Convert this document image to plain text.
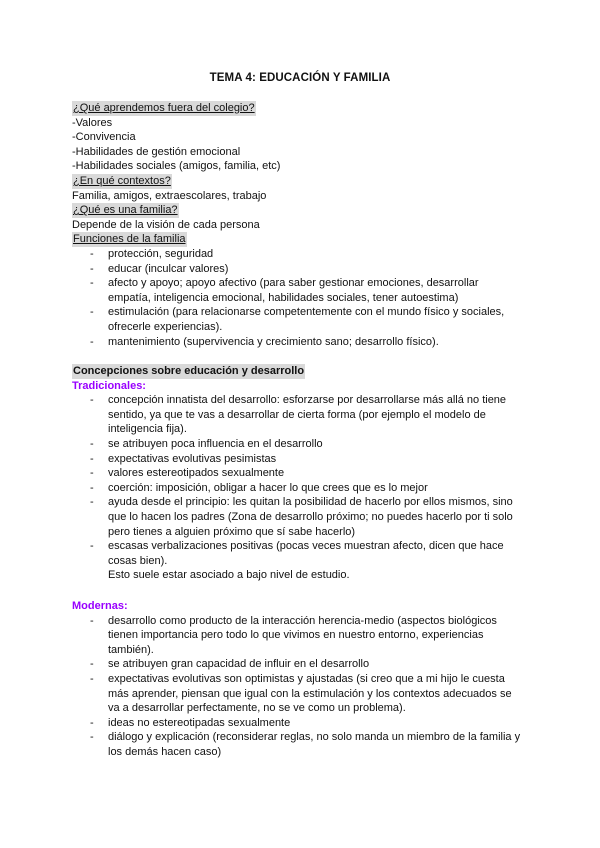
TEMA 4: EDUCACIÓN Y FAMILIA
¿Qué aprendemos fuera del colegio?
-Valores
-Convivencia
-Habilidades de gestión emocional
-Habilidades sociales (amigos, familia, etc)
¿En qué contextos?
Familia, amigos, extraescolares, trabajo
¿Qué es una familia?
Depende de la visión de cada persona
Funciones de la familia
- protección, seguridad
- educar (inculcar valores)
- afecto y apoyo; apoyo afectivo (para saber gestionar emociones, desarrollar
empatía, inteligencia emocional, habilidades sociales, tener autoestima)
- estimulación (para relacionarse competentemente con el mundo físico y sociales,
ofrecerle experiencias).
- mantenimiento (supervivencia y crecimiento sano; desarrollo físico).
Concepciones sobre educación y desarrollo
Tradicionales:
- concepción innatista del desarrollo: esforzarse por desarrollarse más allá no tiene
sentido, ya que te vas a desarrollar de cierta forma (por ejemplo el modelo de
inteligencia fija).
- se atribuyen poca influencia en el desarrollo
- expectativas evolutivas pesimistas
- valores estereotipados sexualmente
- coerción: imposición, obligar a hacer lo que crees que es lo mejor
- ayuda desde el principio: les quitan la posibilidad de hacerlo por ellos mismos, sino
que lo hacen los padres (Zona de desarrollo próximo; no puedes hacerlo por ti solo
pero tienes a alguien próximo que sí sabe hacerlo)
- escasas verbalizaciones positivas (pocas veces muestran afecto, dicen que hace
cosas bien).
Esto suele estar asociado a bajo nivel de estudio.
Modernas:
- desarrollo como producto de la interacción herencia-medio (aspectos biológicos
tienen importancia pero todo lo que vivimos en nuestro entorno, experiencias
también).
- se atribuyen gran capacidad de influir en el desarrollo
- expectativas evolutivas son optimistas y ajustadas (si creo que a mi hijo le cuesta
más aprender, piensan que igual con la estimulación y los contextos adecuados se
va a desarrollar perfectamente, no se ve como un problema).
- ideas no estereotipadas sexualmente
- diálogo y explicación (reconsiderar reglas, no solo manda un miembro de la familia y
los demás hacen caso)
